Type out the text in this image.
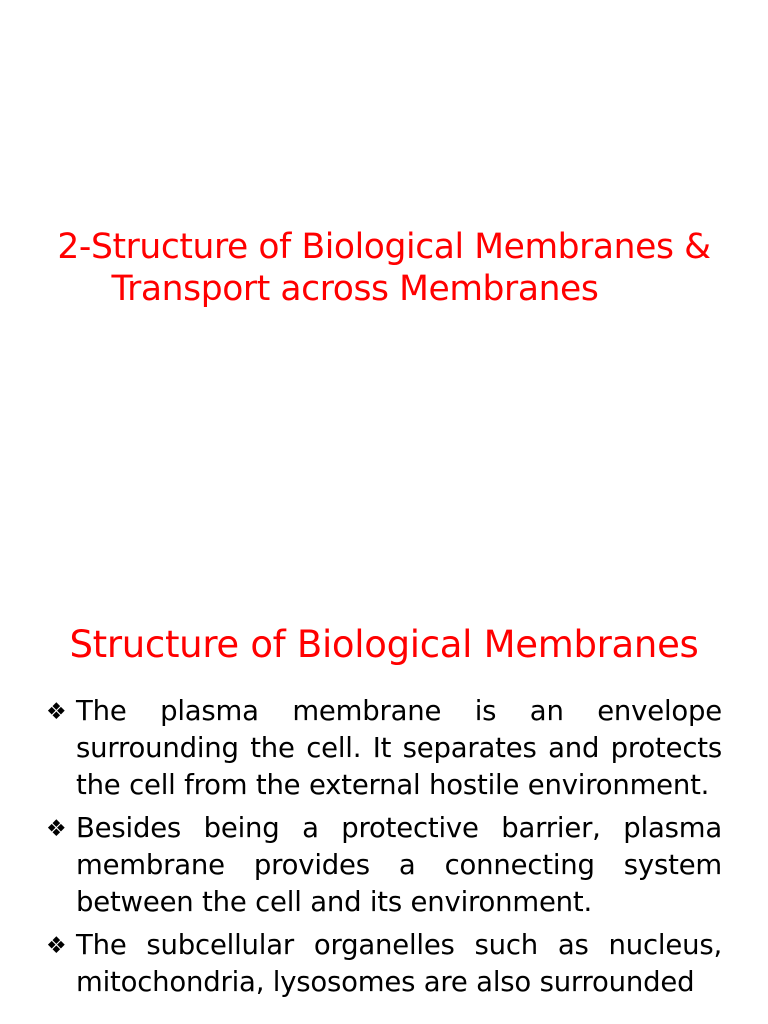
2-Structure of Biological Membranes &
Transport across Membranes
Structure of Biological Membranes
❖ The plasma membrane is an envelope surrounding the cell. It separates and protects the cell from the external hostile environment.
❖ Besides being a protective barrier, plasma membrane provides a connecting system between the cell and its environment.
❖ The subcellular organelles such as nucleus, mitochondria, lysosomes are also surrounded
